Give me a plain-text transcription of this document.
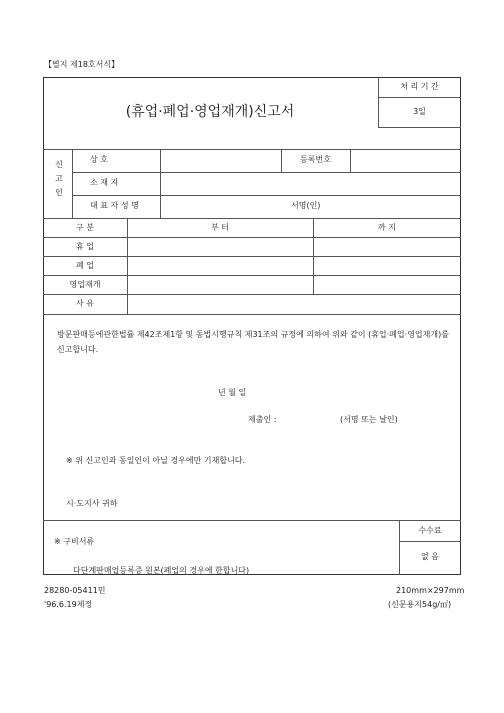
【별지 제18호서식】
(휴업·폐업·영업재개)신고서
처 리 기 간
3일
신
고
인
상 호	등록번호
소 재 지
대 표 자 성 명	서명(인)
구 분	부 터	까 지
휴 업
폐 업
영업재개
사 유
방문판매등에관한법률 제42조제1항 및 동법시행규칙 제31조의 규정에 의하여 위와 같이 (휴업·폐업·영업재개)를 신고합니다.
년 월 일
제출인 :	(서명 또는 날인)
※ 위 신고인과 동일인이 아닐 경우에만 기재합니다.
시·도지사 귀하
※ 구비서류
다단계판매업등록증 원본(폐업의 경우에 한합니다)
수수료
없 음
28280-05411민
'96.6.19제정
210mm×297mm
(신문용지54g/㎡)
